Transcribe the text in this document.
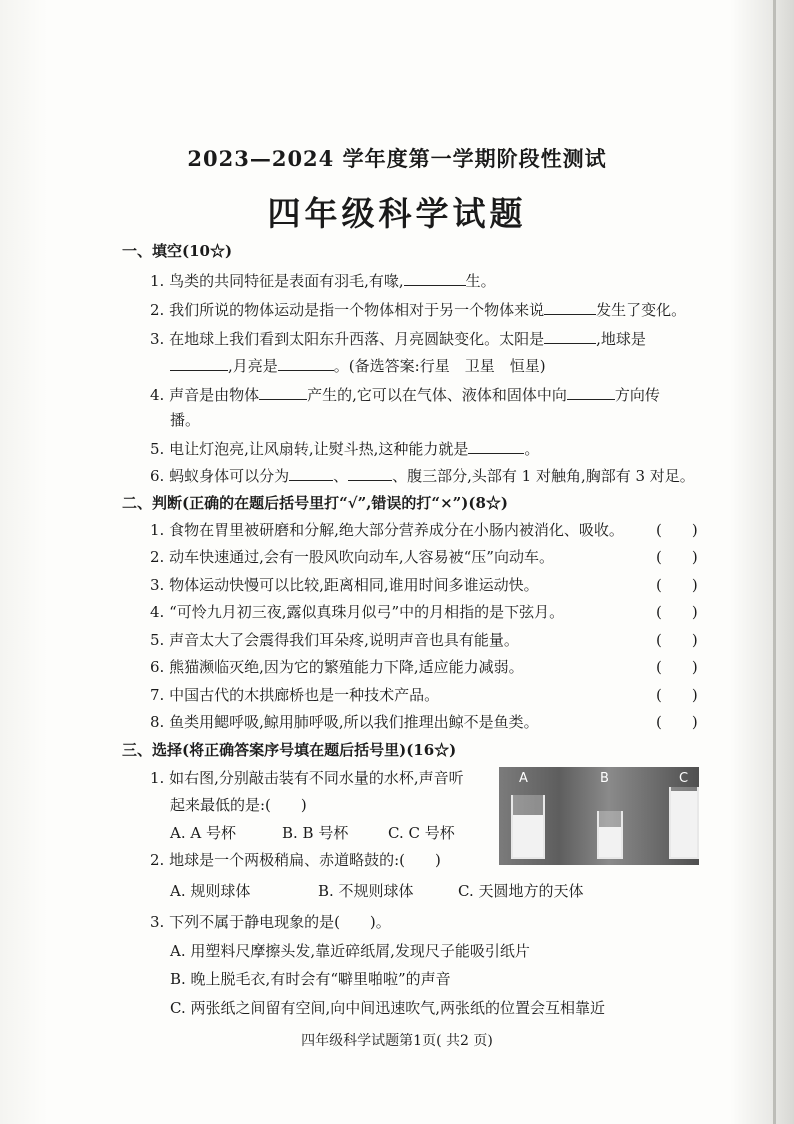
2023—2024 学年度第一学期阶段性测试
四年级科学试题
一、填空(10☆)
1. 鸟类的共同特征是表面有羽毛,有喙,	生。
2. 我们所说的物体运动是指一个物体相对于另一个物体来说	发生了变化。
3. 在地球上我们看到太阳东升西落、月亮圆缺变化。太阳是	,地球是
,月亮是	。(备选答案:行星　卫星　恒星)
4. 声音是由物体	产生的,它可以在气体、液体和固体中向	方向传
播。
5. 电让灯泡亮,让风扇转,让熨斗热,这种能力就是	。
6. 蚂蚁身体可以分为	、	、腹三部分,头部有 1 对触角,胸部有 3 对足。
二、判断(正确的在题后括号里打“√”,错误的打“×”)(8☆)
1. 食物在胃里被研磨和分解,绝大部分营养成分在小肠内被消化、吸收。 (　　)
2. 动车快速通过,会有一股风吹向动车,人容易被“压”向动车。	(　　)
3. 物体运动快慢可以比较,距离相同,谁用时间多谁运动快。	(　　)
4. “可怜九月初三夜,露似真珠月似弓”中的月相指的是下弦月。	(　　)
5. 声音太大了会震得我们耳朵疼,说明声音也具有能量。	(　　)
6. 熊猫濒临灭绝,因为它的繁殖能力下降,适应能力减弱。	(　　)
7. 中国古代的木拱廊桥也是一种技术产品。	(　　)
8. 鱼类用鳃呼吸,鲸用肺呼吸,所以我们推理出鲸不是鱼类。	(　　)
三、选择(将正确答案序号填在题后括号里)(16☆)
1. 如右图,分别敲击装有不同水量的水杯,声音听
起来最低的是:(　　)
A. A 号杯	B. B 号杯	C. C 号杯
A	B	C
2. 地球是一个两极稍扁、赤道略鼓的:(　　)
A. 规则球体	B. 不规则球体	C. 天圆地方的天体
3. 下列不属于静电现象的是(　　)。
A. 用塑料尺摩擦头发,靠近碎纸屑,发现尺子能吸引纸片
B. 晚上脱毛衣,有时会有“噼里啪啦”的声音
C. 两张纸之间留有空间,向中间迅速吹气,两张纸的位置会互相靠近
四年级科学试题第1页( 共2 页)
